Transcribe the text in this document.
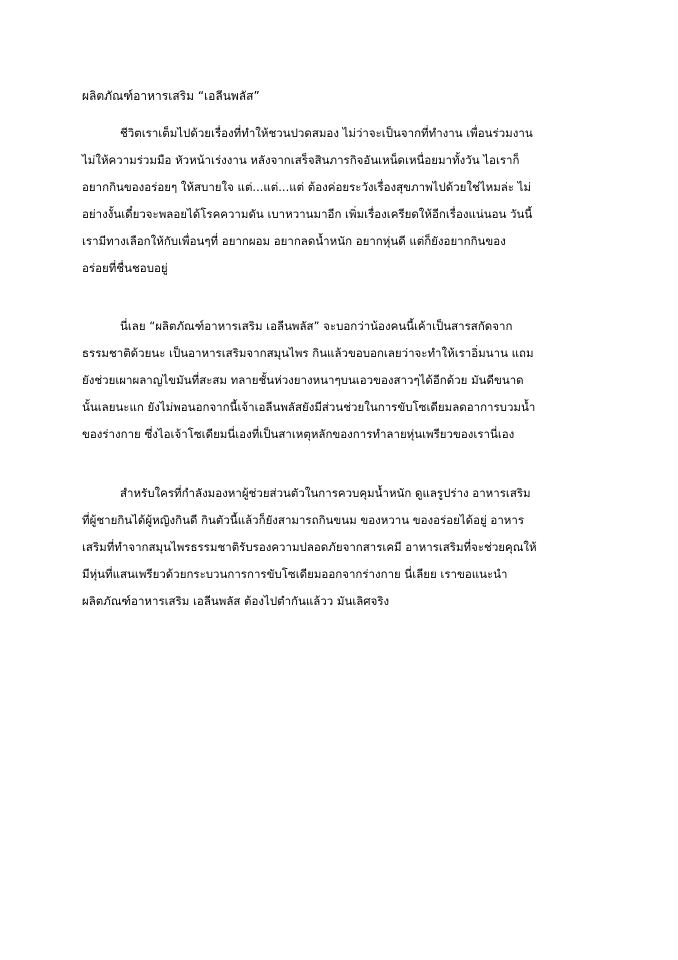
ผลิตภัณฑ์อาหารเสริม “เอลีนพลัส”
ชีวิตเราเต็มไปด้วยเรื่องที่ทำให้ชวนปวดสมอง ไม่ว่าจะเป็นจากที่ทำงาน เพื่อนร่วมงาน
ไม่ให้ความร่วมมือ หัวหน้าเร่งงาน หลังจากเสร็จสินภารกิจอันเหน็ดเหนื่อยมาทั้งวัน ไอเราก็
อยากกินของอร่อยๆ ให้สบายใจ แต่...แต่...แต่ ต้องค่อยระวังเรื่องสุขภาพไปด้วยใช่ไหมล่ะ ไม่
อย่างงั้นเดี๋ยวจะพลอยได้โรคความดัน เบาหวานมาอีก เพิ่มเรื่องเครียดให้อีกเรื่องแน่นอน วันนี้
เรามีทางเลือกให้กับเพื่อนๆที่ อยากผอม อยากลดน้ำหนัก อยากหุ่นดี แต่ก็ยังอยากกินของ
อร่อยที่ชื่นชอบอยู่
นี่เลย “ผลิตภัณฑ์อาหารเสริม เอลีนพลัส” จะบอกว่าน้องคนนี้เค้าเป็นสารสกัดจาก
ธรรมชาติด้วยนะ เป็นอาหารเสริมจากสมุนไพร กินแล้วขอบอกเลยว่าจะทำให้เราอิ่มนาน แถม
ยังช่วยเผาผลาญไขมันที่สะสม ทลายชั้นห่วงยางหนาๆบนเอวของสาวๆได้อีกด้วย มันดีขนาด
นั้นเลยนะแก ยังไม่พอนอกจากนี้เจ้าเอลีนพลัสยังมีส่วนช่วยในการขับโซเดียมลดอาการบวมน้ำ
ของร่างกาย ซึ่งไอเจ้าโซเดียมนี่เองที่เป็นสาเหตุหลักของการทำลายหุ่นเพรียวของเรานี่เอง
สำหรับใครที่กำลังมองหาผู้ช่วยส่วนตัวในการควบคุมน้ำหนัก ดูแลรูปร่าง อาหารเสริม
ที่ผู้ชายกินได้ผู้หญิงกินดี กินตัวนี้แล้วก็ยังสามารถกินขนม ของหวาน ของอร่อยได้อยู่ อาหาร
เสริมที่ทำจากสมุนไพรธรรมชาติรับรองความปลอดภัยจากสารเคมี อาหารเสริมที่จะช่วยคุณให้
มีหุ่นที่แสนเพรียวด้วยกระบวนการการขับโซเดียมออกจากร่างกาย นี่เลียย เราขอแนะนำ
ผลิตภัณฑ์อาหารเสริม เอลีนพลัส ต้องไปตำกันแล้วว มันเลิศจริง
